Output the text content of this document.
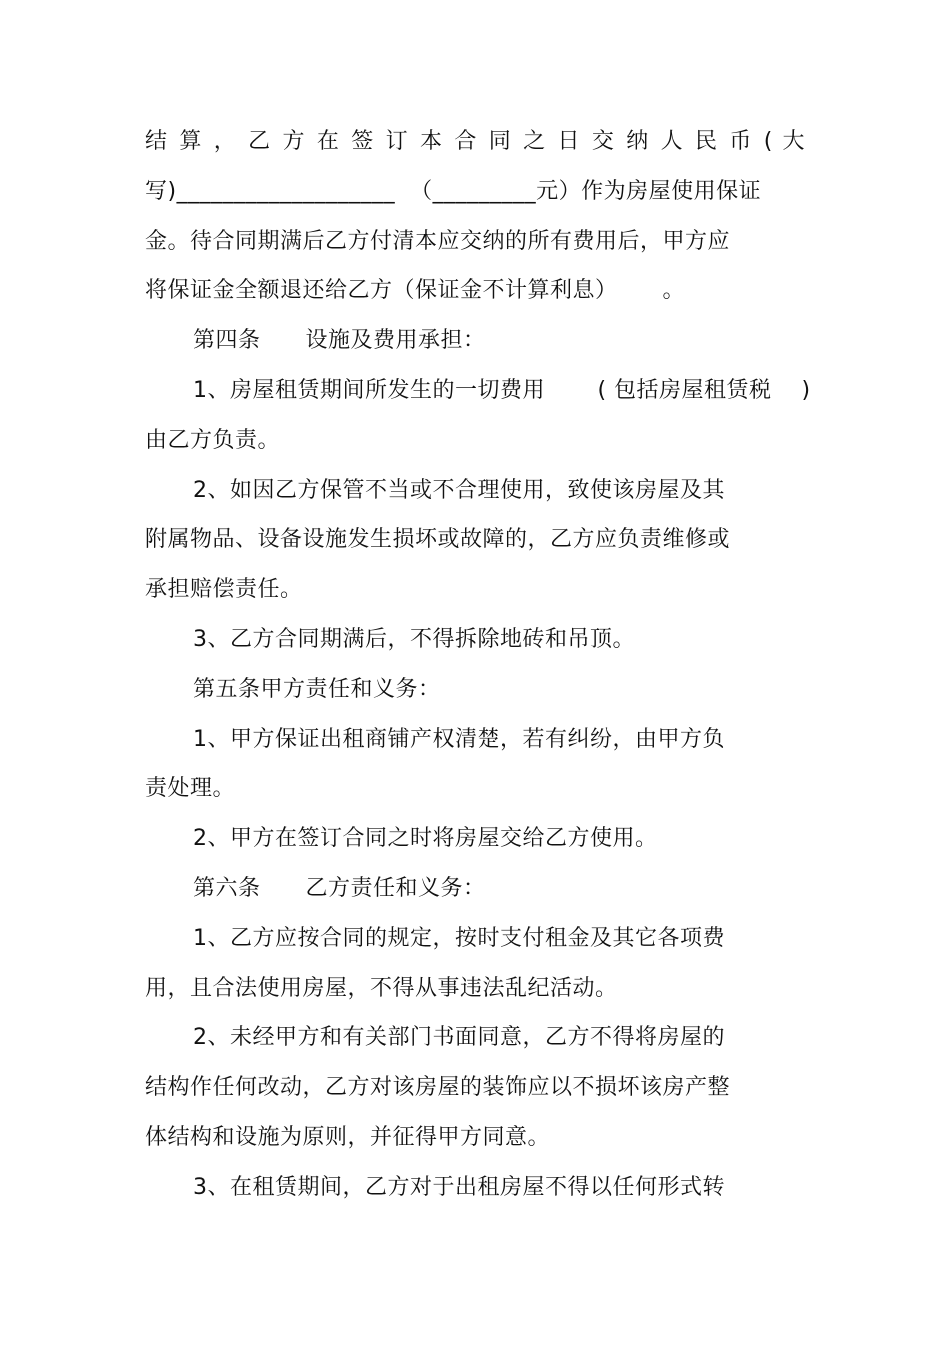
结 算 ， 乙 方 在 签 订 本 合 同 之 日 交 纳 人 民 币 ( 大
写)___________________  （_________元）作为房屋使用保证
金。待合同期满后乙方付清本应交纳的所有费用后，甲方应
将保证金全额退还给乙方（保证金不计算利息）      。
第四条      设施及费用承担：
1、房屋租赁期间所发生的一切费用       ( 包括房屋租赁税    )
由乙方负责。
2、如因乙方保管不当或不合理使用，致使该房屋及其
附属物品、设备设施发生损坏或故障的，乙方应负责维修或
承担赔偿责任。
3、乙方合同期满后，不得拆除地砖和吊顶。
第五条甲方责任和义务：
1、甲方保证出租商铺产权清楚，若有纠纷，由甲方负
责处理。
2、甲方在签订合同之时将房屋交给乙方使用。
第六条      乙方责任和义务：
1、乙方应按合同的规定，按时支付租金及其它各项费
用，且合法使用房屋，不得从事违法乱纪活动。
2、未经甲方和有关部门书面同意，乙方不得将房屋的
结构作任何改动，乙方对该房屋的装饰应以不损坏该房产整
体结构和设施为原则，并征得甲方同意。
3、在租赁期间，乙方对于出租房屋不得以任何形式转
